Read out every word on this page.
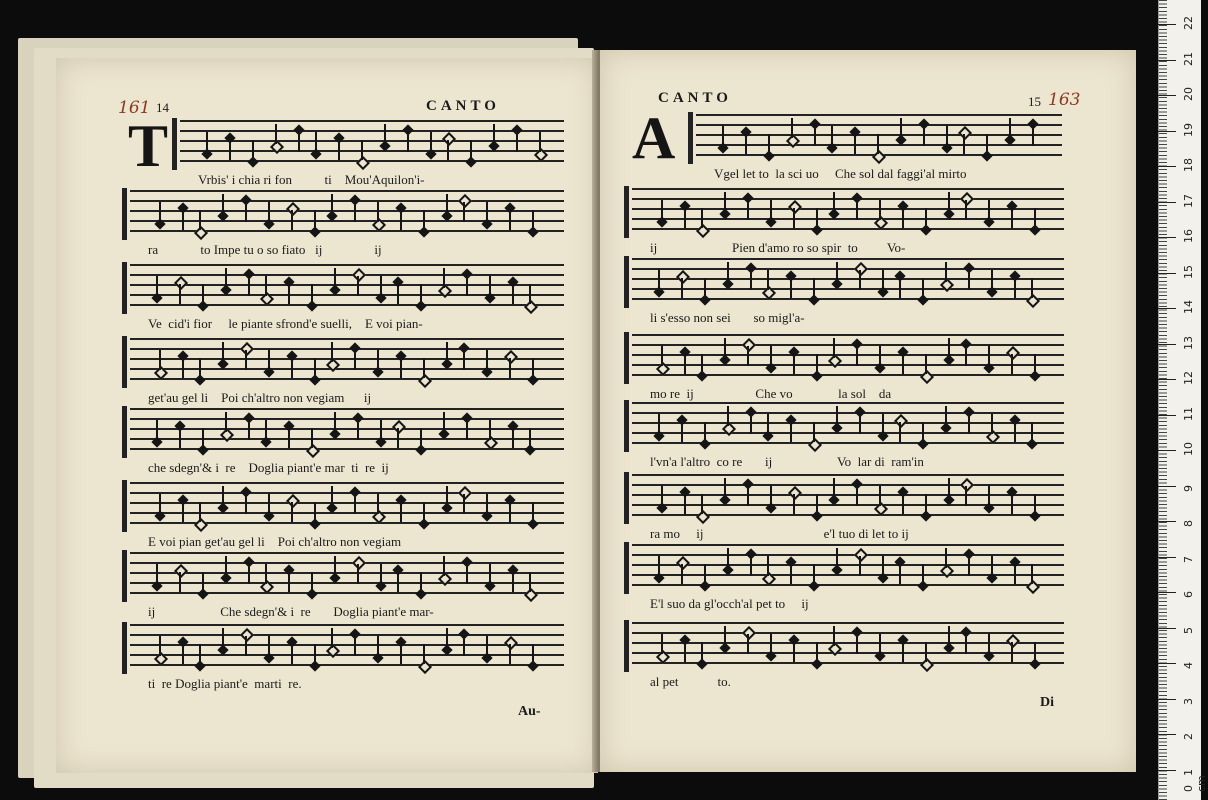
161 14	CANTO
T
Vrbis' i chia ri fon          ti    Mou'Aquilon'i-
ra             to Impe tu o so fiato   ij                ij
Ve  cid'i fior     le piante sfrond'e suelli,    E voi pian-
get'au gel li    Poi ch'altro non vegiam      ij
che sdegn'& i  re    Doglia piant'e mar  ti  re  ij
E voi pian get'au gel li    Poi ch'altro non vegiam
ij                    Che sdegn'& i  re       Doglia piant'e mar-
ti  re Doglia piant'e  marti  re.
Au-
CANTO	15 163
A
Vgel let to  la sci uo     Che sol dal faggi'al mirto
ij                       Pien d'amo ro so spir  to         Vo-
li s'esso non sei       so migl'a-
mo re  ij                   Che vo              la sol    da
l'vn'a l'altro  co re       ij                    Vo  lar di  ram'in
ra mo     ij                                     e'l tuo di let to ij
E'l suo da gl'occh'al pet to     ij
al pet            to.
Di
22
21
20
19
18
17
16
15
14
13
12
11
10
9
8
7
6
5
4
3
2
1
0 cm
